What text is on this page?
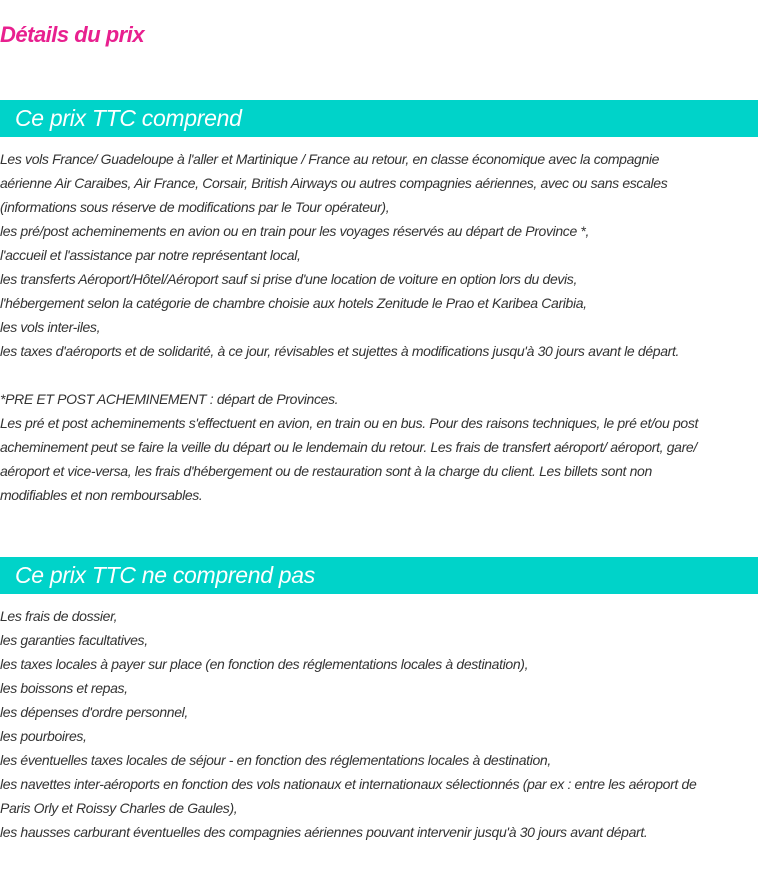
Détails du prix
Ce prix TTC comprend
Les vols France/ Guadeloupe à l'aller et Martinique / France au retour, en classe économique avec la compagnie
aérienne Air Caraibes, Air France, Corsair, British Airways ou autres compagnies aériennes, avec ou sans escales
(informations sous réserve de modifications par le Tour opérateur),
les pré/post acheminements en avion ou en train pour les voyages réservés au départ de Province *,
l'accueil et l'assistance par notre représentant local,
les transferts Aéroport/Hôtel/Aéroport sauf si prise d'une location de voiture en option lors du devis,
l'hébergement selon la catégorie de chambre choisie aux hotels Zenitude le Prao et Karibea Caribia,
les vols inter-iles,
les taxes d'aéroports et de solidarité, à ce jour, révisables et sujettes à modifications jusqu'à 30 jours avant le départ.
*PRE ET POST ACHEMINEMENT : départ de Provinces.
Les pré et post acheminements s'effectuent en avion, en train ou en bus. Pour des raisons techniques, le pré et/ou post
acheminement peut se faire la veille du départ ou le lendemain du retour. Les frais de transfert aéroport/ aéroport, gare/
aéroport et vice-versa, les frais d'hébergement ou de restauration sont à la charge du client. Les billets sont non
modifiables et non remboursables.
Ce prix TTC ne comprend pas
Les frais de dossier,
les garanties facultatives,
les taxes locales à payer sur place (en fonction des réglementations locales à destination),
les boissons et repas,
les dépenses d'ordre personnel,
les pourboires,
les éventuelles taxes locales de séjour - en fonction des réglementations locales à destination,
les navettes inter-aéroports en fonction des vols nationaux et internationaux sélectionnés (par ex : entre les aéroport de
Paris Orly et Roissy Charles de Gaules),
les hausses carburant éventuelles des compagnies aériennes pouvant intervenir jusqu'à 30 jours avant départ.
